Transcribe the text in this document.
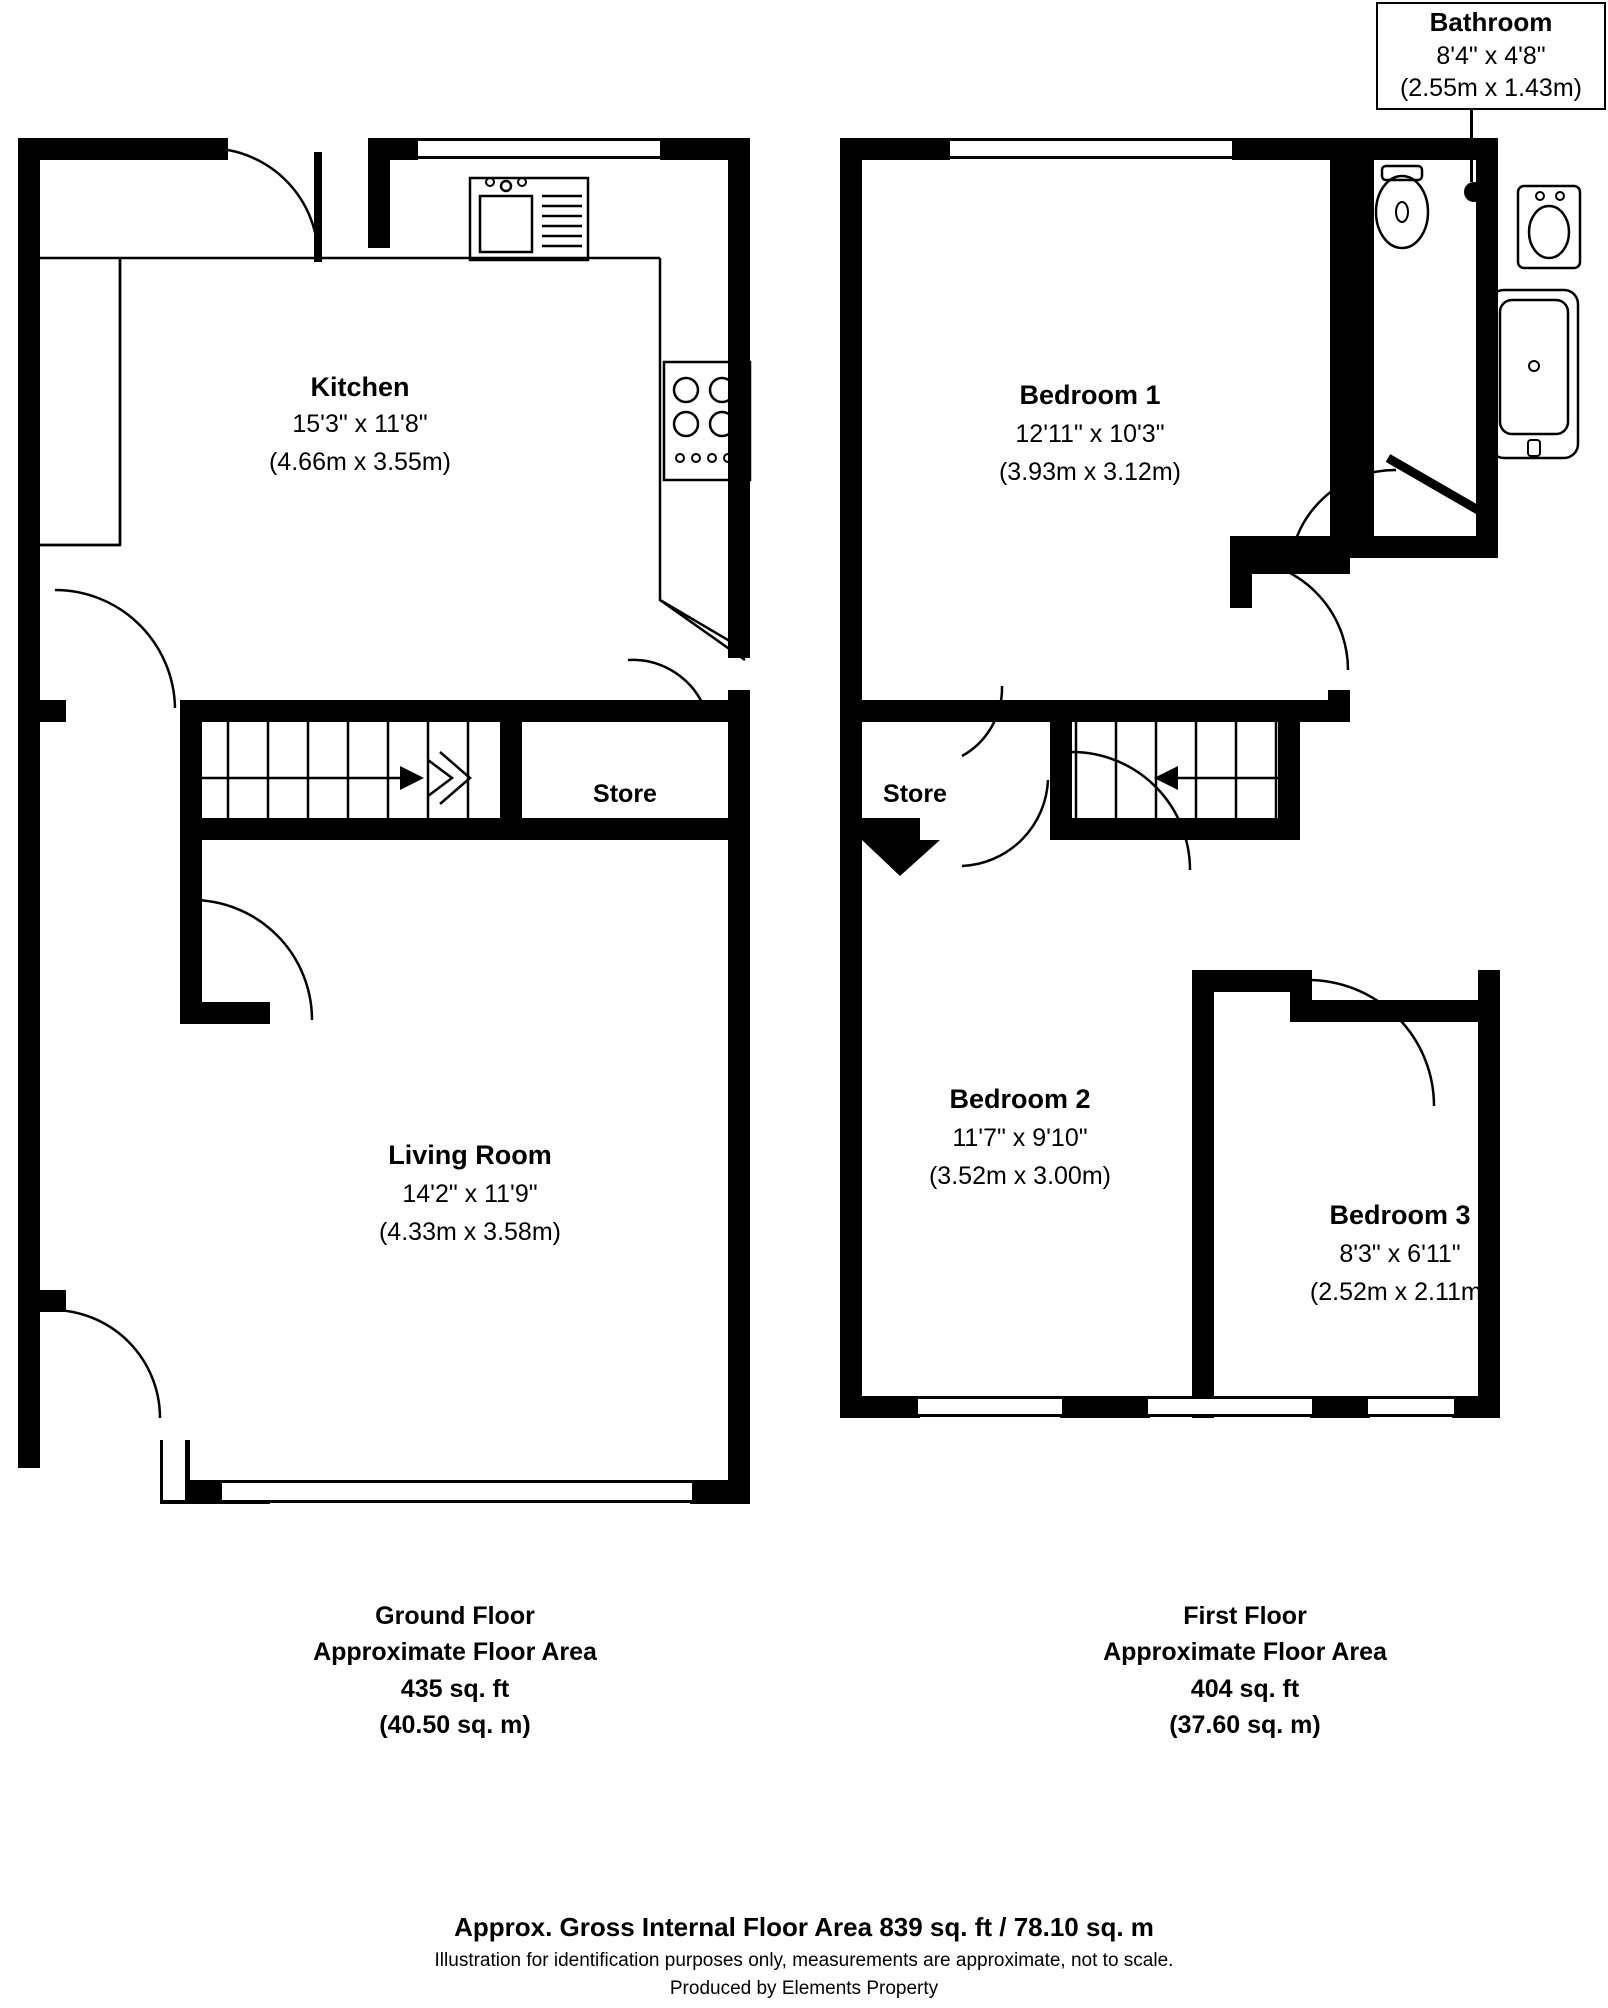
Bathroom
8'4" x 4'8"
(2.55m x 1.43m)
Kitchen
15'3" x 11'8"
(4.66m x 3.55m)
Store
Living Room
14'2" x 11'9"
(4.33m x 3.58m)
Ground Floor
Approximate Floor Area
435 sq. ft
(40.50 sq. m)
Bedroom 1
12'11" x 10'3"
(3.93m x 3.12m)
Store
Bedroom 2
11'7" x 9'10"
(3.52m x 3.00m)
Bedroom 3
8'3" x 6'11"
(2.52m x 2.11m)
First Floor
Approximate Floor Area
404 sq. ft
(37.60 sq. m)
Approx. Gross Internal Floor Area 839 sq. ft / 78.10 sq. m
Illustration for identification purposes only, measurements are approximate, not to scale.
Produced by Elements Property
